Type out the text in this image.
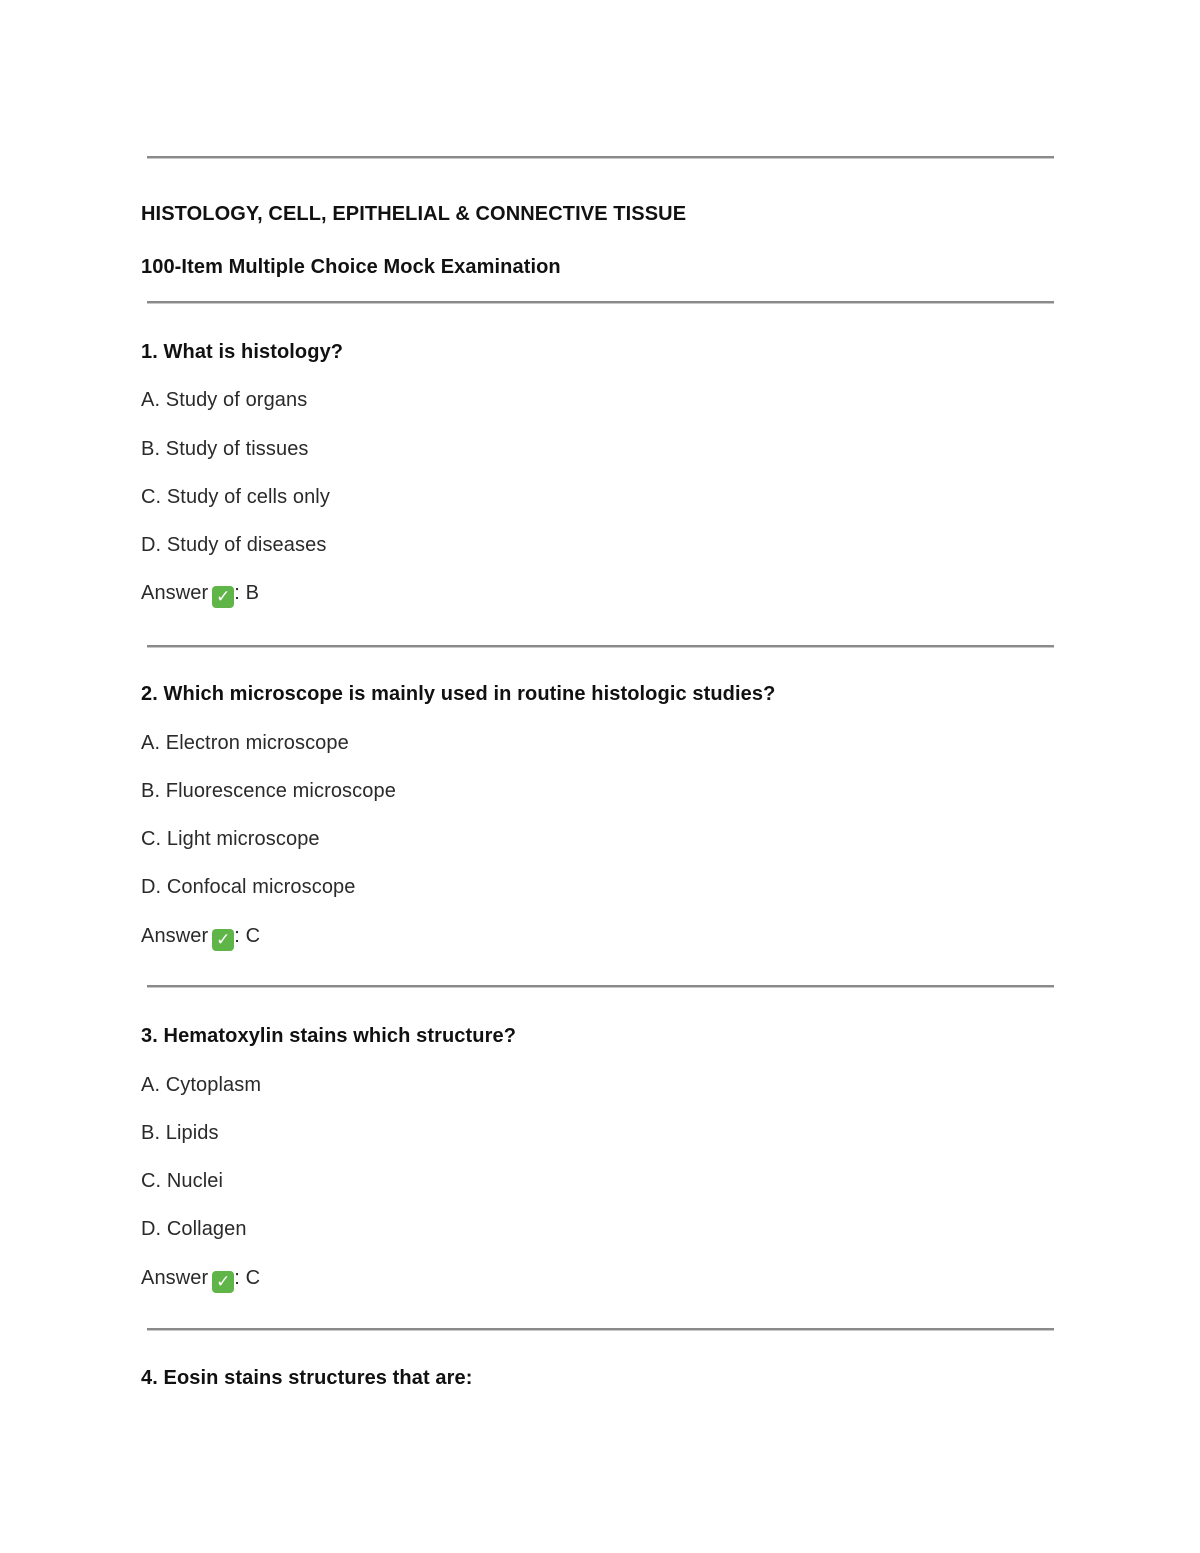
HISTOLOGY, CELL, EPITHELIAL & CONNECTIVE TISSUE
100-Item Multiple Choice Mock Examination
1. What is histology?
A. Study of organs
B. Study of tissues
C. Study of cells only
D. Study of diseases
Answer ✓ : B
2. Which microscope is mainly used in routine histologic studies?
A. Electron microscope
B. Fluorescence microscope
C. Light microscope
D. Confocal microscope
Answer ✓ : C
3. Hematoxylin stains which structure?
A. Cytoplasm
B. Lipids
C. Nuclei
D. Collagen
Answer ✓ : C
4. Eosin stains structures that are:
